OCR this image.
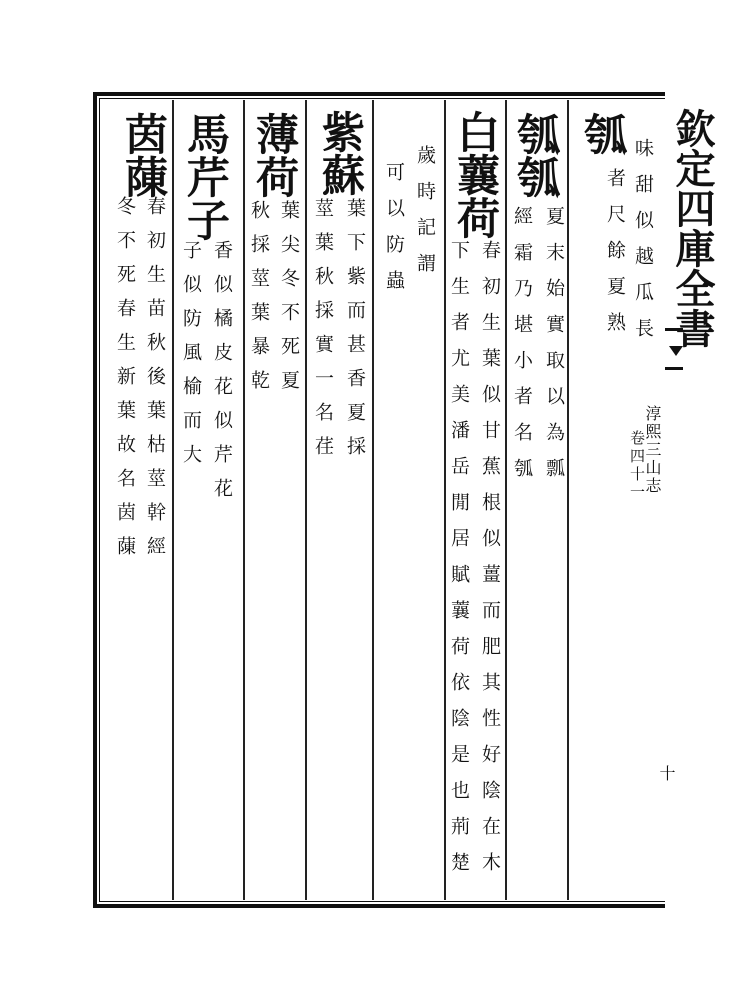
欽定四庫全書
淳熙三山志
卷四十一
十
瓠
味甜似越瓜長
者尺餘夏熟
瓠瓠
夏末始實取以為瓢
經霜乃堪小者名瓠
白蘘荷
春初生葉似甘蕉根似薑而肥其性好陰在木
下生者尤美潘岳閒居賦蘘荷依陰是也荊楚
歲時記謂
可以防蟲
紫蘇
葉下紫而甚香夏採
莖葉秋採實一名荏
薄荷
葉尖冬不死夏
秋採莖葉暴乾
馬芹子
香似橘皮花似芹花
子似防風榆而大
茵蔯
春初生苗秋後葉枯莖幹經
冬不死春生新葉故名茵蔯
